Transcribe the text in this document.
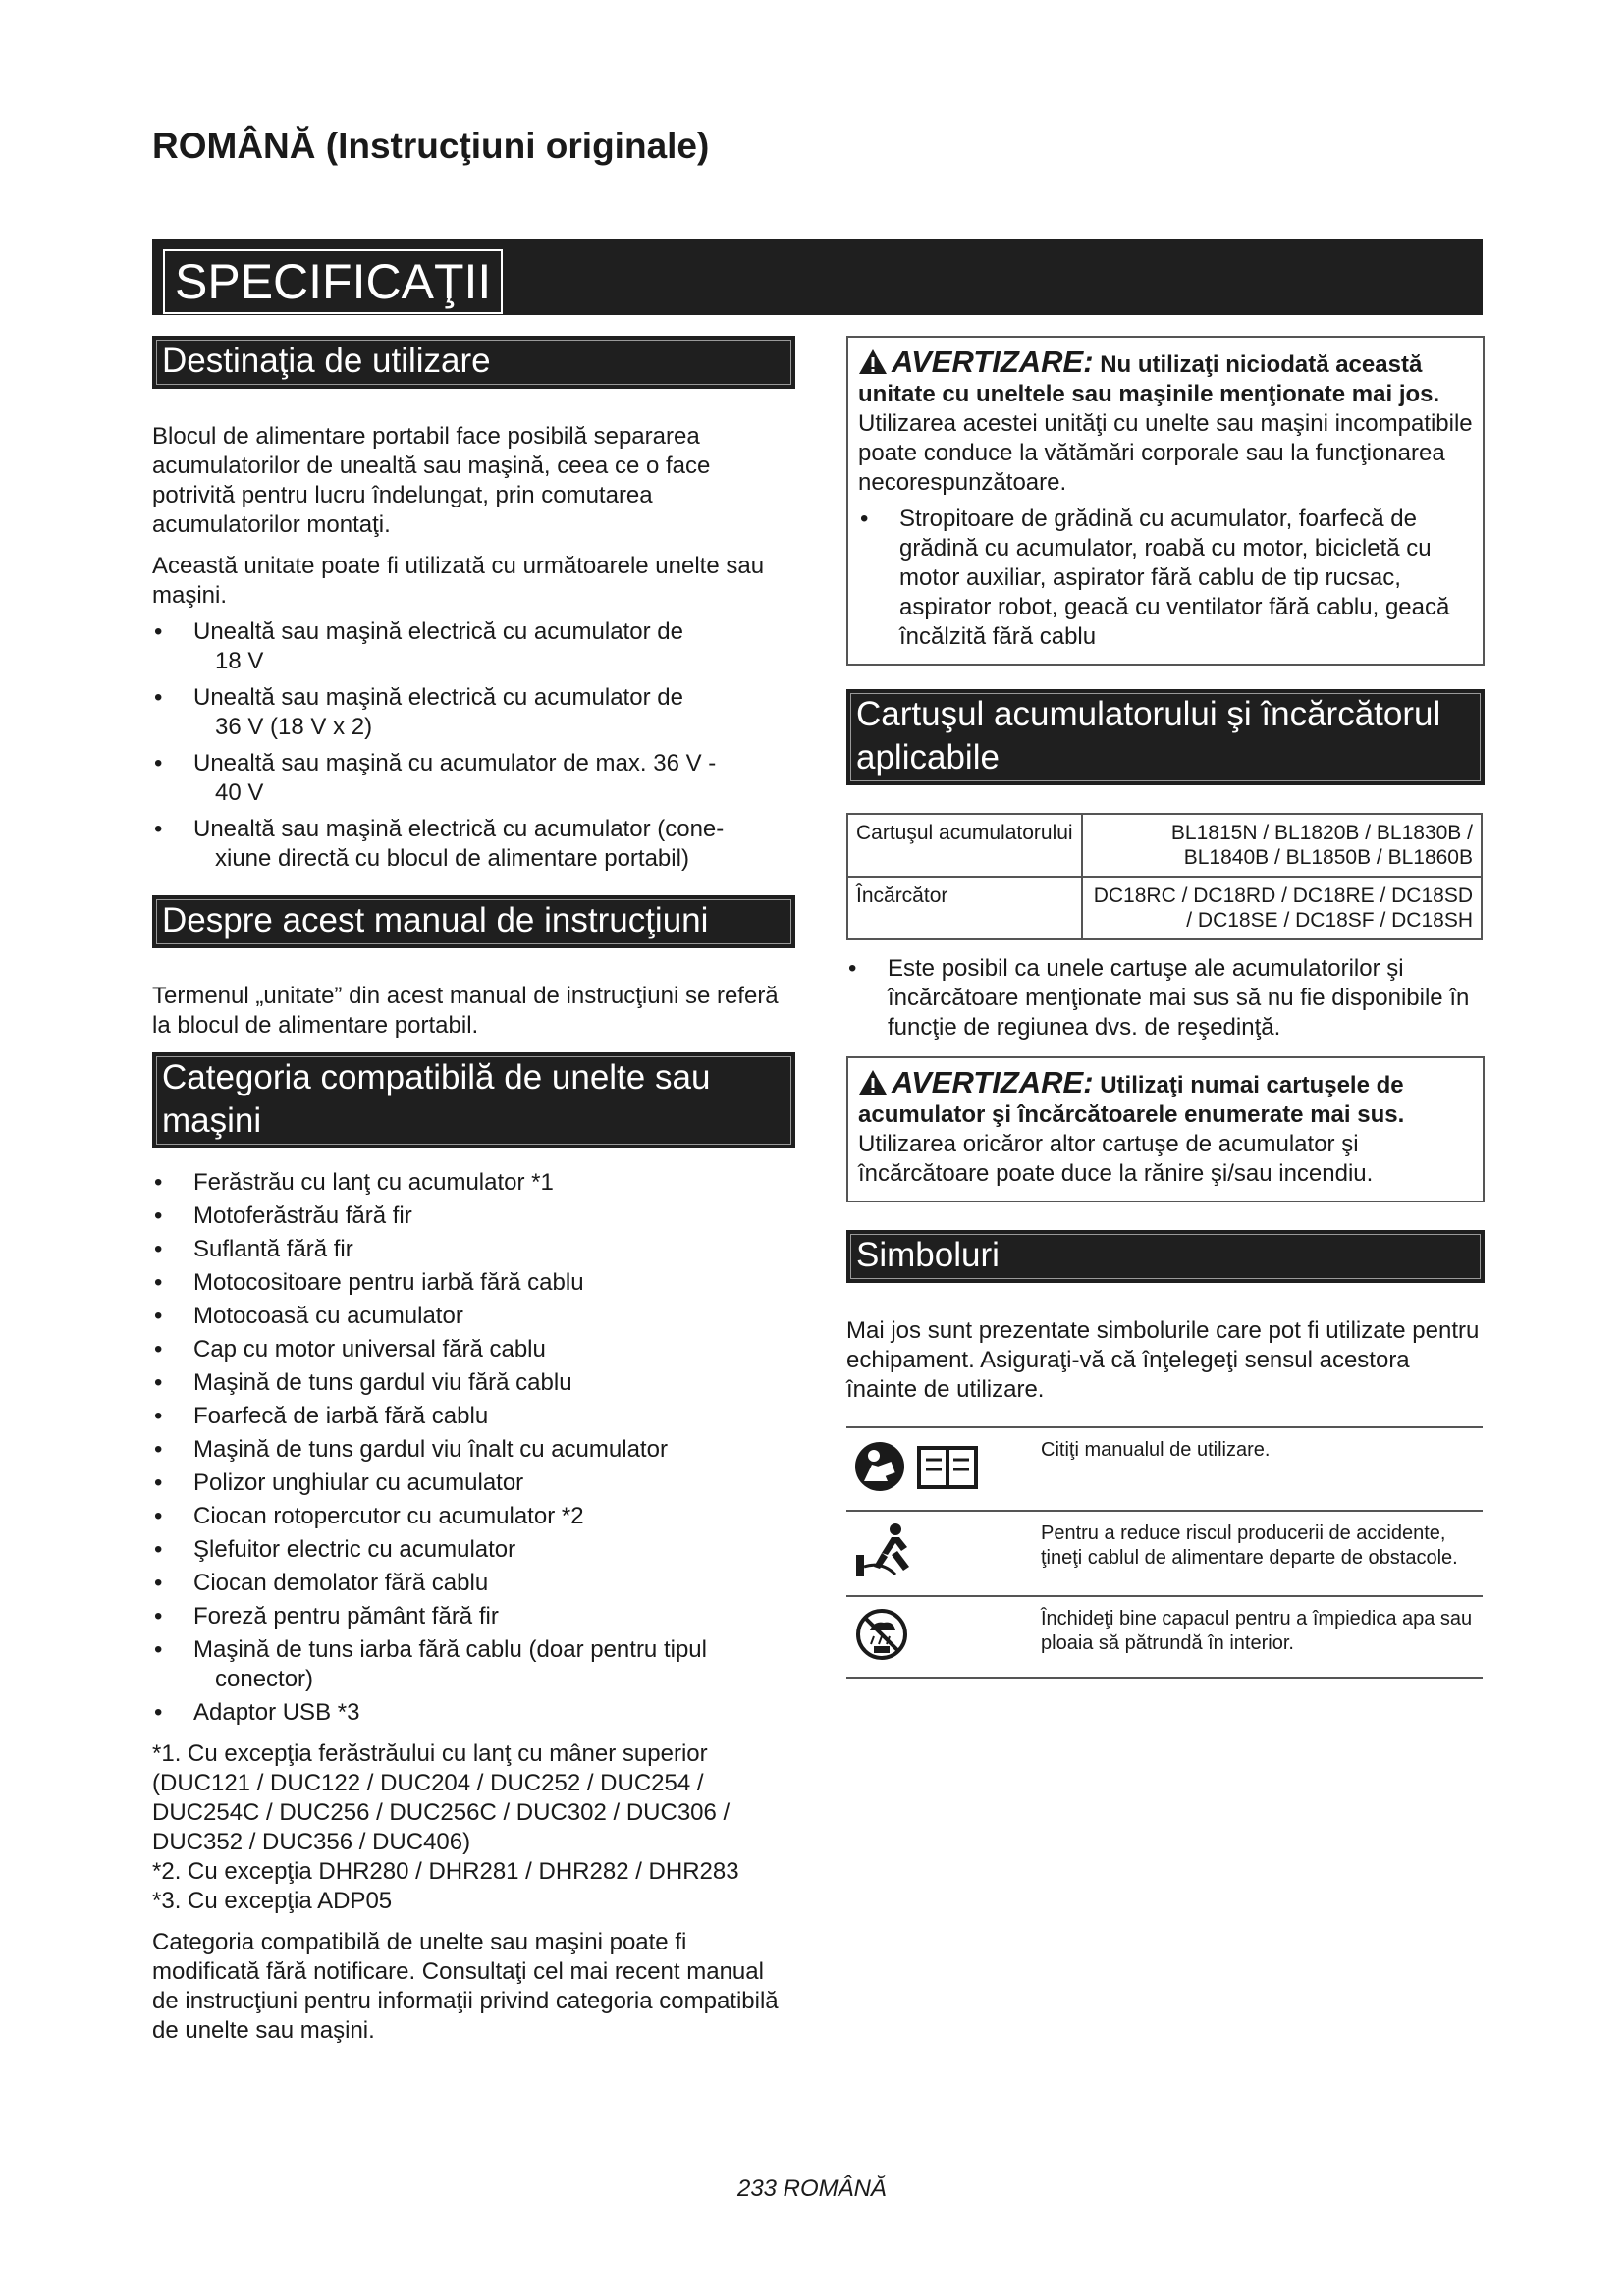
ROMÂNĂ (Instrucţiuni originale)
SPECIFICAŢII
Destinaţia de utilizare

Blocul de alimentare portabil face posibilă separarea acumulatorilor de unealtă sau maşină, ceea ce o face potrivită pentru lucru îndelungat, prin comutarea acumulatorilor montaţi.

Această unitate poate fi utilizată cu următoarele unelte sau maşini.

• Unealtă sau maşină electrică cu acumulator de
18 V
• Unealtă sau maşină electrică cu acumulator de
36 V (18 V x 2)
• Unealtă sau maşină cu acumulator de max. 36 V -
40 V
• Unealtă sau maşină electrică cu acumulator (cone-
xiune directă cu blocul de alimentare portabil)
Despre acest manual de instrucţiuni

Termenul „unitate” din acest manual de instrucţiuni se referă la blocul de alimentare portabil.

Categoria compatibilă de unelte sau maşini
• Ferăstrău cu lanţ cu acumulator *1
• Motoferăstrău fără fir
• Suflantă fără fir
• Motocositoare pentru iarbă fără cablu
• Motocoasă cu acumulator
• Cap cu motor universal fără cablu
• Maşină de tuns gardul viu fără cablu
• Foarfecă de iarbă fără cablu
• Maşină de tuns gardul viu înalt cu acumulator
• Polizor unghiular cu acumulator
• Ciocan rotopercutor cu acumulator *2
• Şlefuitor electric cu acumulator
• Ciocan demolator fără cablu
• Foreză pentru pământ fără fir
• Maşină de tuns iarba fără cablu (doar pentru tipul
conector)
• Adaptor USB *3

*1. Cu excepţia ferăstrăului cu lanţ cu mâner superior (DUC121 / DUC122 / DUC204 / DUC252 / DUC254 / DUC254C / DUC256 / DUC256C / DUC302 / DUC306 / DUC352 / DUC356 / DUC406)

*2. Cu excepţia DHR280 / DHR281 / DHR282 / DHR283

*3. Cu excepţia ADP05

Categoria compatibilă de unelte sau maşini poate fi modificată fără notificare. Consultaţi cel mai recent manual de instrucţiuni pentru informaţii privind categoria compatibilă de unelte sau maşini.

AVERTIZARE: Nu utilizaţi niciodată această unitate cu uneltele sau maşinile menţionate mai jos. Utilizarea acestei unităţi cu unelte sau maşini incompatibile poate conduce la vătămări corporale sau la funcţionarea necorespunzătoare.
• Stropitoare de grădină cu acumulator, foarfecă de grădină cu acumulator, roabă cu motor, bicicletă cu motor auxiliar, aspirator fără cablu de tip rucsac, aspirator robot, geacă cu ventilator fără cablu, geacă încălzită fără cablu
Cartuşul acumulatorului şi încărcătorul aplicabile
Cartuşul acumulatorului	BL1815N / BL1820B / BL1830B / BL1840B / BL1850B / BL1860B
Încărcător	DC18RC / DC18RD / DC18RE / DC18SD / DC18SE / DC18SF / DC18SH
• Este posibil ca unele cartuşe ale acumulatorilor şi încărcătoare menţionate mai sus să nu fie disponibile în funcţie de regiunea dvs. de reşedinţă.
AVERTIZARE: Utilizaţi numai cartuşele de acumulator şi încărcătoarele enumerate mai sus. Utilizarea oricăror altor cartuşe de acumulator şi încărcătoare poate duce la rănire şi/sau incendiu.
Simboluri

Mai jos sunt prezentate simbolurile care pot fi utilizate pentru echipament. Asiguraţi-vă că înţelegeţi sensul acestora înainte de utilizare.

	Citiţi manualul de utilizare.
	Pentru a reduce riscul producerii de accidente, ţineţi cablul de alimentare departe de obstacole.
	Închideţi bine capacul pentru a împiedica apa sau ploaia să pătrundă în interior.
233 ROMÂNĂ
